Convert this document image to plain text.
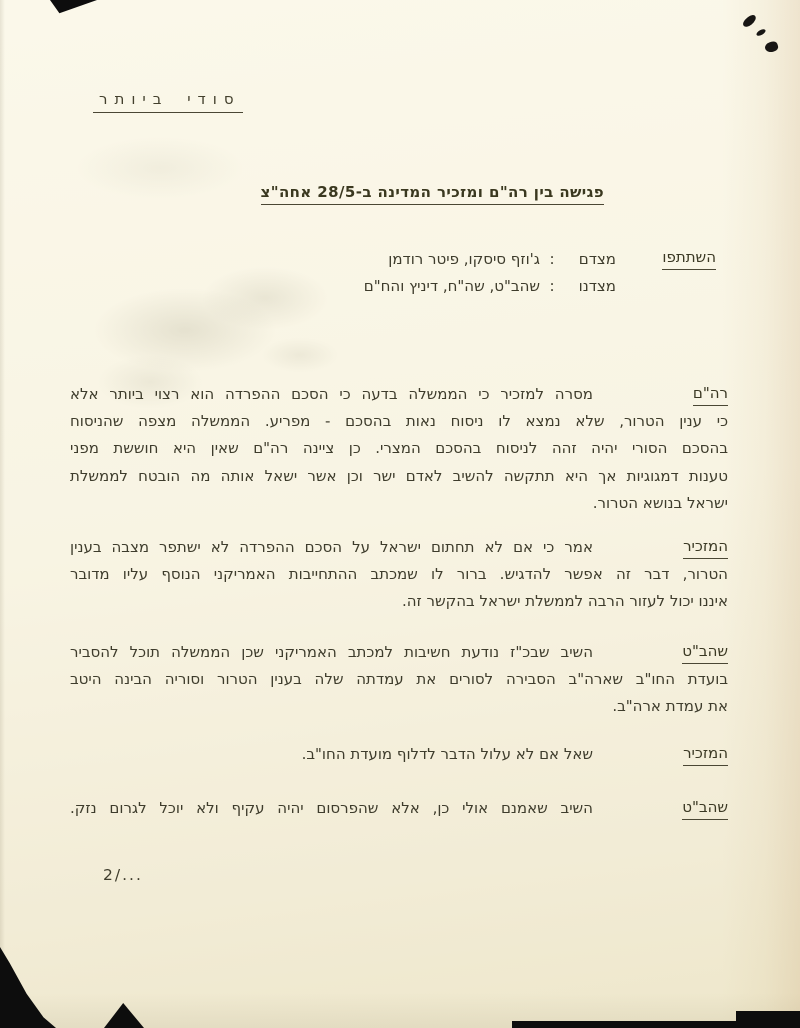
סודי ביותר
פגישה בין רה"ם ומזכיר המדינה ב-28/5 אחה"צ
השתתפו
מצדם
:
ג'וזף סיסקו, פיטר רודמן
מצדנו
:
שהב"ט, שה"ח, דיניץ והח"ם
רה"ם
מסרה למזכיר כי הממשלה בדעה כי הסכם ההפרדה הוא רצוי ביותר אלא
כי ענין הטרור, שלא נמצא לו ניסוח נאות בהסכם - מפריע. הממשלה מצפה שהניסוח
בהסכם הסורי יהיה זהה לניסוח בהסכם המצרי. כן ציינה רה"ם שאין היא חוששת מפני
טענות דמגוגיות אך היא תתקשה להשיב לאדם ישר וכן אשר ישאל אותה מה הובטח לממשלת
ישראל בנושא הטרור.
המזכיר
אמר כי אם לא תחתום ישראל על הסכם ההפרדה לא ישתפר מצבה בענין
הטרור, דבר זה אפשר להדגיש. ברור לו שמכתב ההתחייבות האמריקני הנוסף עליו מדובר
איננו יכול לעזור הרבה לממשלת ישראל בהקשר זה.
שהב"ט
השיב שבכ"ז נודעת חשיבות למכתב האמריקני שכן הממשלה תוכל להסביר
בועדת החו"ב שארה"ב הסבירה לסורים את עמדתה שלה בענין הטרור וסוריה הבינה היטב
את עמדת ארה"ב.
המזכיר
שאל אם לא עלול הדבר לדלוף מועדת החו"ב.
שהב"ט
השיב שאמנם אולי כן, אלא שהפרסום יהיה עקיף ולא יוכל לגרום נזק.
2/...
